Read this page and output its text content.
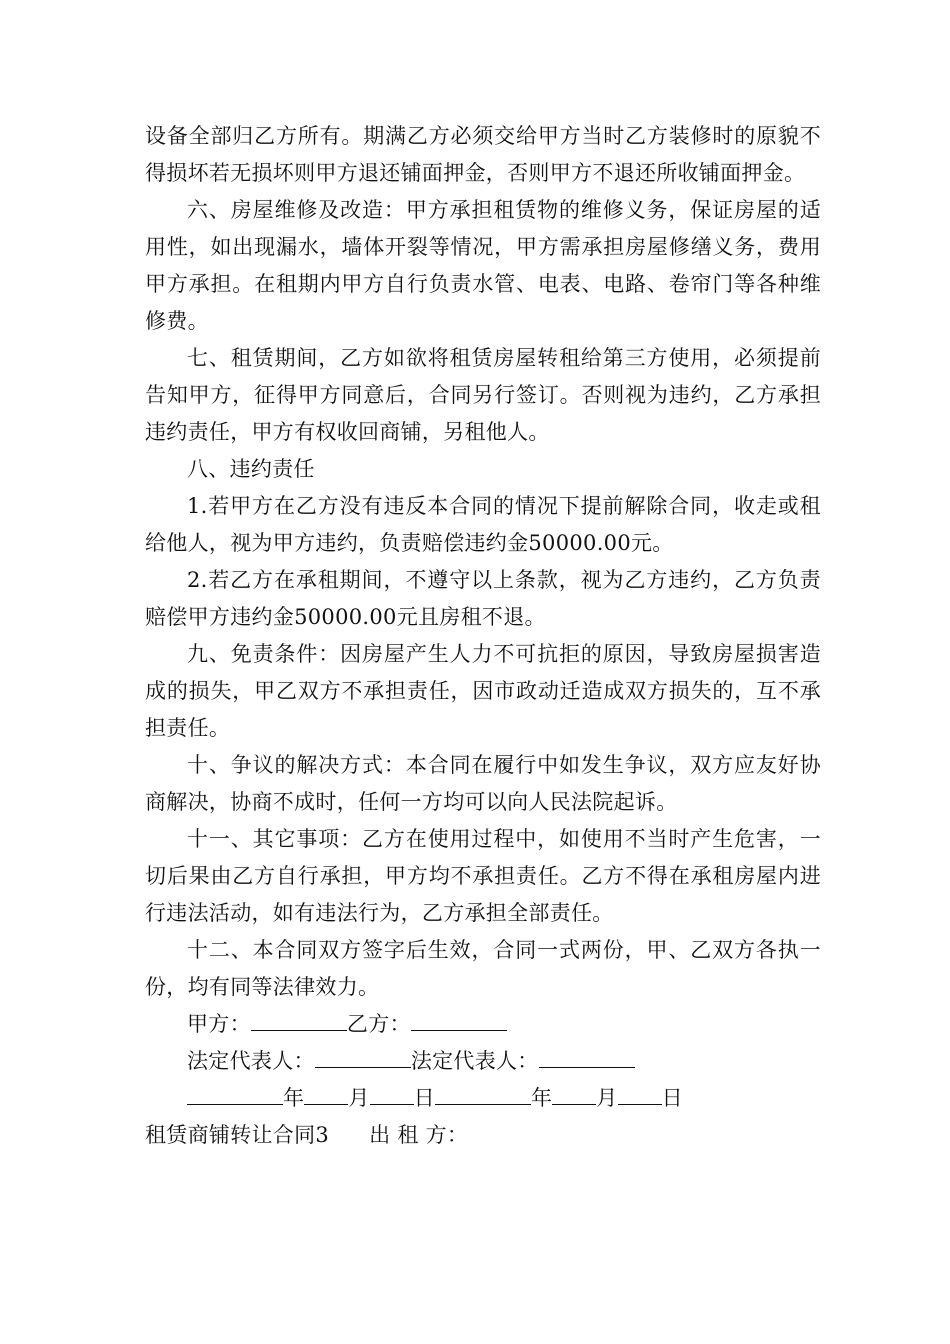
设备全部归乙方所有。期满乙方必须交给甲方当时乙方装修时的原貌不得损坏若无损坏则甲方退还铺面押金，否则甲方不退还所收铺面押金。

六、房屋维修及改造：甲方承担租赁物的维修义务，保证房屋的适用性，如出现漏水，墙体开裂等情况，甲方需承担房屋修缮义务，费用甲方承担。在租期内甲方自行负责水管、电表、电路、卷帘门等各种维修费。

七、租赁期间，乙方如欲将租赁房屋转租给第三方使用，必须提前告知甲方，征得甲方同意后，合同另行签订。否则视为违约，乙方承担违约责任，甲方有权收回商铺，另租他人。

八、违约责任

1.若甲方在乙方没有违反本合同的情况下提前解除合同，收走或租给他人，视为甲方违约，负责赔偿违约金50000.00元。

2.若乙方在承租期间，不遵守以上条款，视为乙方违约，乙方负责赔偿甲方违约金50000.00元且房租不退。

九、免责条件：因房屋产生人力不可抗拒的原因，导致房屋损害造成的损失，甲乙双方不承担责任，因市政动迁造成双方损失的，互不承担责任。

十、争议的解决方式：本合同在履行中如发生争议，双方应友好协商解决，协商不成时，任何一方均可以向人民法院起诉。

十一、其它事项：乙方在使用过程中，如使用不当时产生危害，一切后果由乙方自行承担，甲方均不承担责任。乙方不得在承租房屋内进行违法活动，如有违法行为，乙方承担全部责任。

十二、本合同双方签字后生效，合同一式两份，甲、乙双方各执一份，均有同等法律效力。

甲方：	乙方：

法定代表人：	法定代表人：

年 月 日	年 月 日

租赁商铺转让合同3 出 租 方：
